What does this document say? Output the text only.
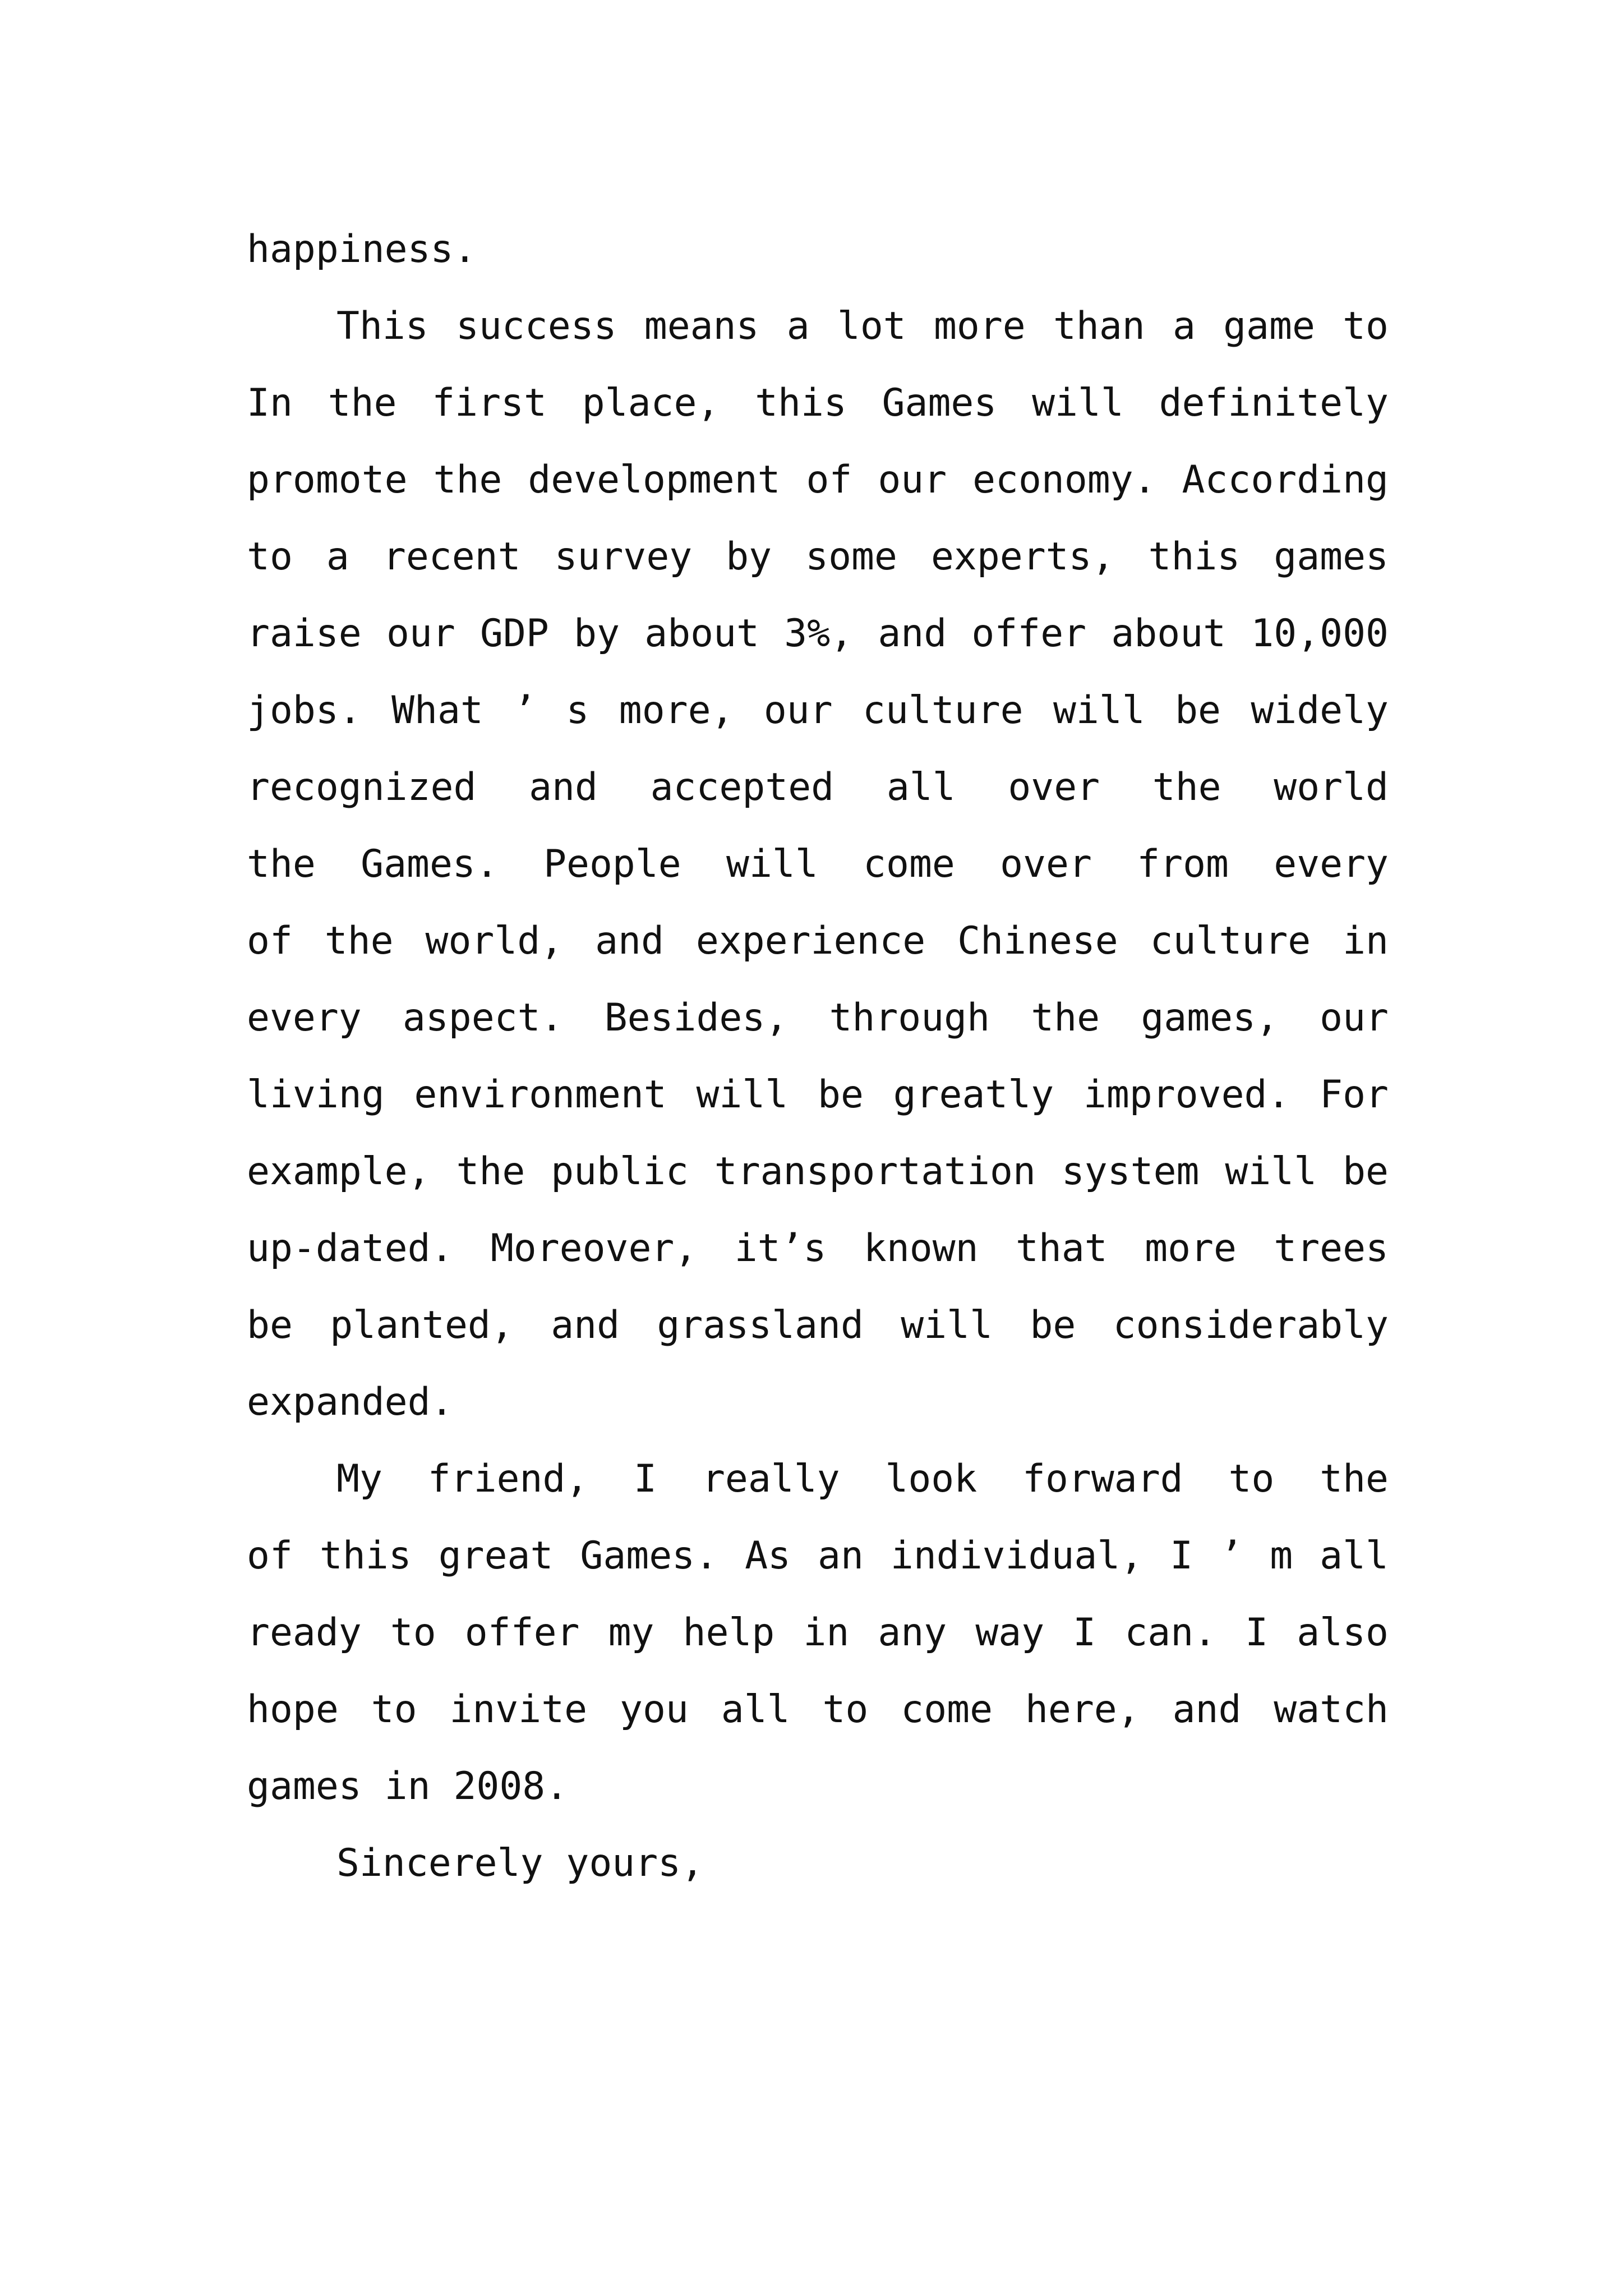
happiness.
This success means a lot more than a game to
In the first place, this Games will definitely
promote the development of our economy. According
to a recent survey by some experts, this games
raise our GDP by about 3%, and offer about 10,000
jobs. What ’ s more, our culture will be widely
recognized and accepted all over the world
the Games. People will come over from every
of the world, and experience Chinese culture in
every aspect. Besides, through the games, our
living environment will be greatly improved. For
example, the public transportation system will be
up-dated. Moreover, it’s known that more trees
be planted, and grassland will be considerably
expanded.
My friend, I really look forward to the
of this great Games. As an individual, I ’ m all
ready to offer my help in any way I can. I also
hope to invite you all to come here, and watch
games in 2008.
Sincerely yours,
